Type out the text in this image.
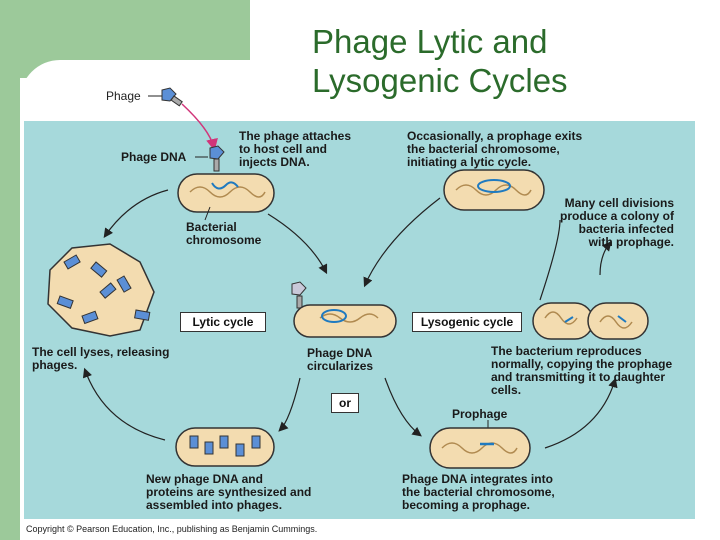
Phage Lytic and
Lysogenic Cycles
Phage
Phage DNA
The phage attaches
to host cell and
injects DNA.
Bacterial
chromosome
Occasionally, a prophage exits
the bacterial chromosome,
initiating a lytic cycle.
Many cell divisions
produce a colony of
bacteria infected
with prophage.
Lytic cycle	Lysogenic cycle
The cell lyses, releasing
phages.
Phage DNA
circularizes
or
The bacterium reproduces
normally, copying the prophage
and transmitting it to daughter
cells.
Prophage
New phage DNA and
proteins are synthesized and
assembled into phages.
Phage DNA integrates into
the bacterial chromosome,
becoming a prophage.
Copyright © Pearson Education, Inc., publishing as Benjamin Cummings.
